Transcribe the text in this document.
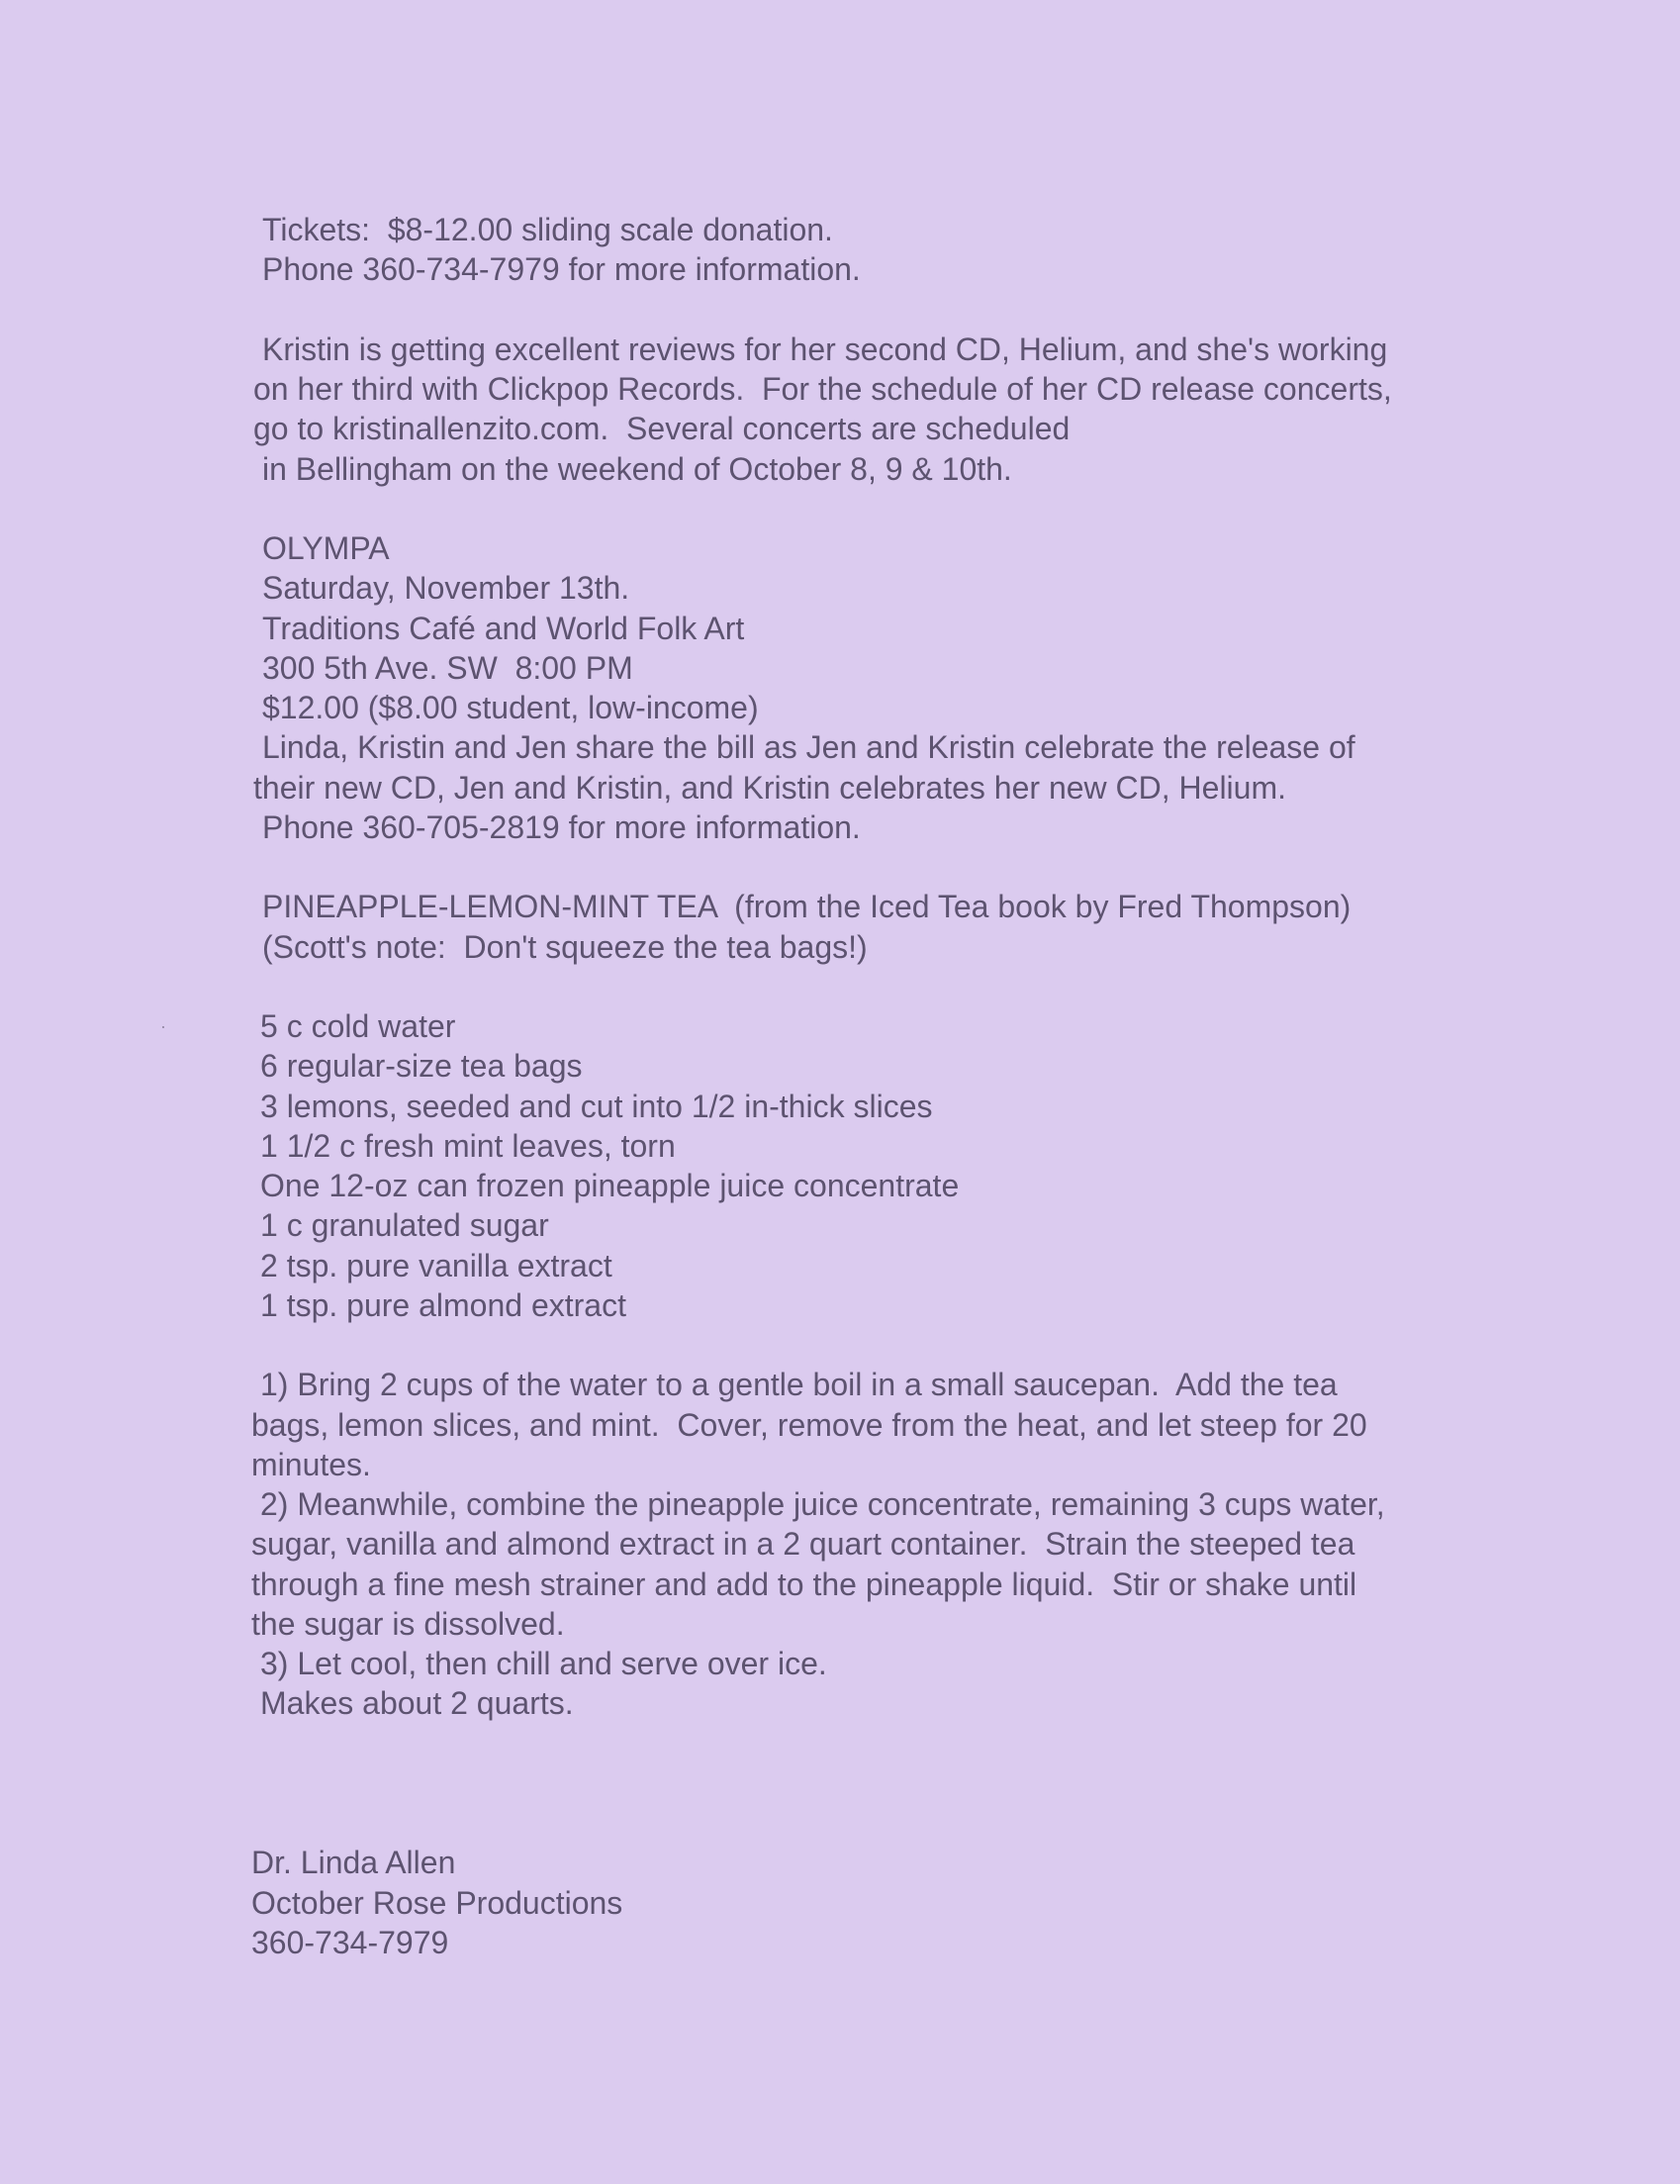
Tickets:  $8-12.00 sliding scale donation.

Phone 360-734-7979 for more information.

Kristin is getting excellent reviews for her second CD, Helium, and she's working

on her third with Clickpop Records.  For the schedule of her CD release concerts,

go to kristinallenzito.com.  Several concerts are scheduled

in Bellingham on the weekend of October 8, 9 & 10th.

OLYMPA

Saturday, November 13th.

Traditions Café and World Folk Art

300 5th Ave. SW  8:00 PM

$12.00 ($8.00 student, low-income)

Linda, Kristin and Jen share the bill as Jen and Kristin celebrate the release of

their new CD, Jen and Kristin, and Kristin celebrates her new CD, Helium.

Phone 360-705-2819 for more information.

PINEAPPLE-LEMON-MINT TEA  (from the Iced Tea book by Fred Thompson)

(Scott's note:  Don't squeeze the tea bags!)

5 c cold water

6 regular-size tea bags

3 lemons, seeded and cut into 1/2 in-thick slices

1 1/2 c fresh mint leaves, torn

One 12-oz can frozen pineapple juice concentrate

1 c granulated sugar

2 tsp. pure vanilla extract

1 tsp. pure almond extract

1) Bring 2 cups of the water to a gentle boil in a small saucepan.  Add the tea

bags, lemon slices, and mint.  Cover, remove from the heat, and let steep for 20

minutes.

2) Meanwhile, combine the pineapple juice concentrate, remaining 3 cups water,

sugar, vanilla and almond extract in a 2 quart container.  Strain the steeped tea

through a fine mesh strainer and add to the pineapple liquid.  Stir or shake until

the sugar is dissolved.

3) Let cool, then chill and serve over ice.

Makes about 2 quarts.

Dr. Linda Allen

October Rose Productions

360-734-7979
